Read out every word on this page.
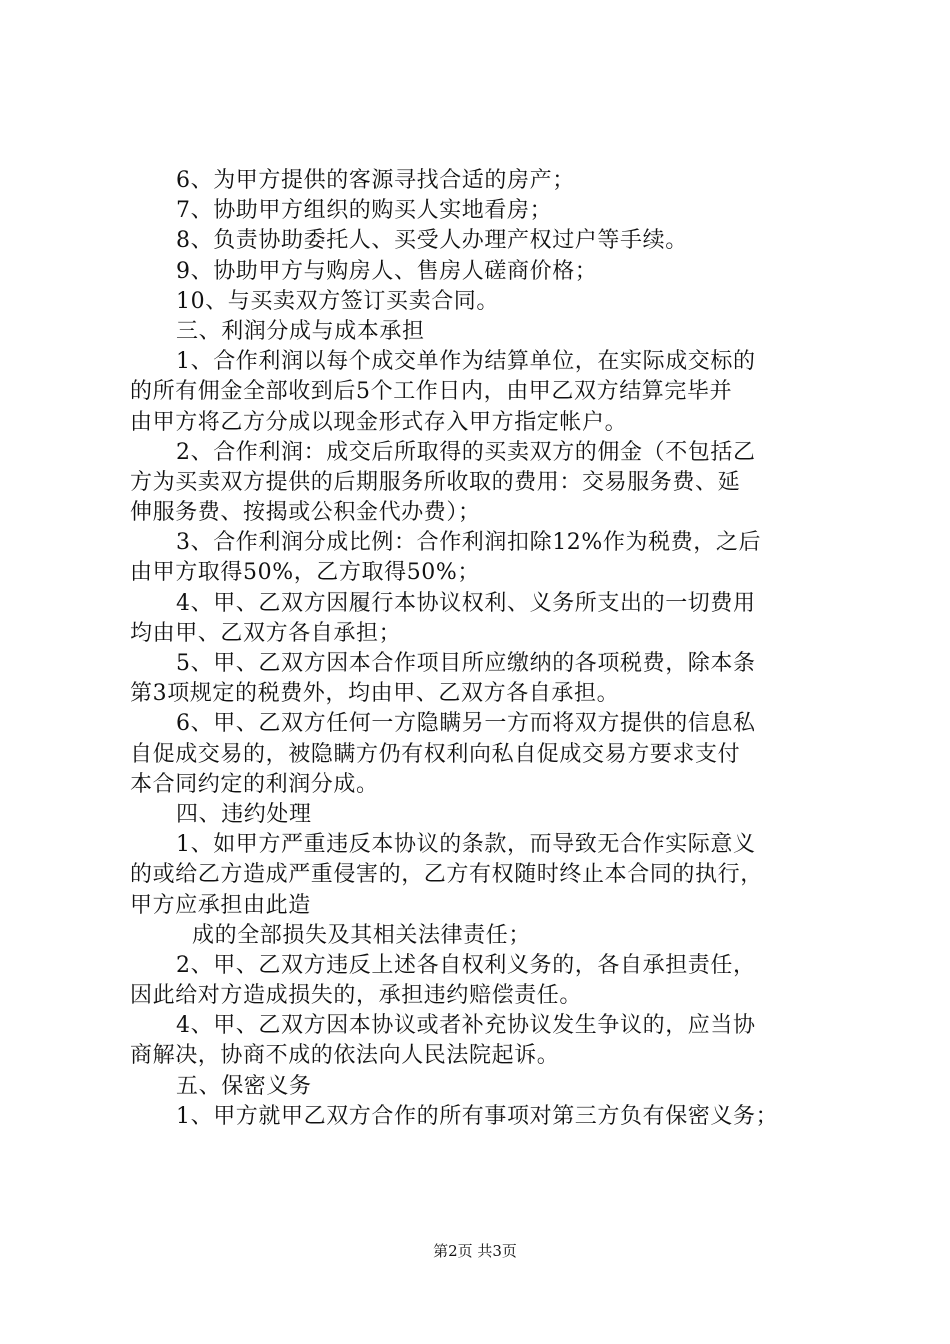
6、为甲方提供的客源寻找合适的房产；
7、协助甲方组织的购买人实地看房；
8、负责协助委托人、买受人办理产权过户等手续。
9、协助甲方与购房人、售房人磋商价格；
10、与买卖双方签订买卖合同。
三、利润分成与成本承担
1、合作利润以每个成交单作为结算单位，在实际成交标的
的所有佣金全部收到后5个工作日内，由甲乙双方结算完毕并
由甲方将乙方分成以现金形式存入甲方指定帐户。
2、合作利润：成交后所取得的买卖双方的佣金（不包括乙
方为买卖双方提供的后期服务所收取的费用：交易服务费、延
伸服务费、按揭或公积金代办费）；
3、合作利润分成比例：合作利润扣除12%作为税费，之后
由甲方取得50%，乙方取得50%；
4、甲、乙双方因履行本协议权利、义务所支出的一切费用
均由甲、乙双方各自承担；
5、甲、乙双方因本合作项目所应缴纳的各项税费，除本条
第3项规定的税费外，均由甲、乙双方各自承担。
6、甲、乙双方任何一方隐瞒另一方而将双方提供的信息私
自促成交易的，被隐瞒方仍有权利向私自促成交易方要求支付
本合同约定的利润分成。
四、违约处理
1、如甲方严重违反本协议的条款，而导致无合作实际意义
的或给乙方造成严重侵害的，乙方有权随时终止本合同的执行，
甲方应承担由此造
成的全部损失及其相关法律责任；
2、甲、乙双方违反上述各自权利义务的，各自承担责任，
因此给对方造成损失的，承担违约赔偿责任。
4、甲、乙双方因本协议或者补充协议发生争议的，应当协
商解决，协商不成的依法向人民法院起诉。
五、保密义务
1、甲方就甲乙双方合作的所有事项对第三方负有保密义务；
第2页 共3页
